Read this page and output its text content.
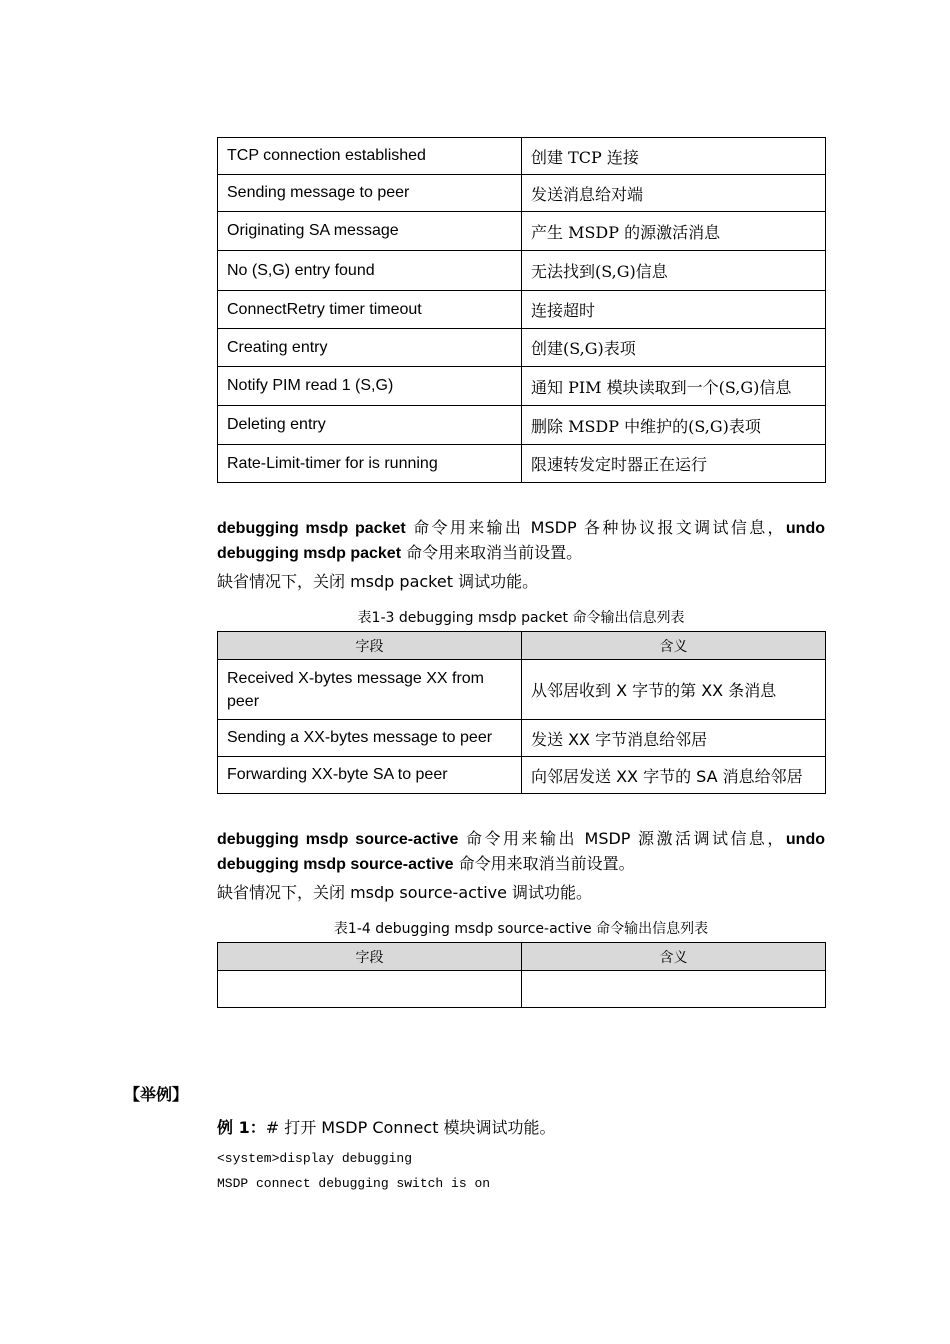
TCP connection established	创建 TCP 连接
Sending message to peer	发送消息给对端
Originating SA message	产生 MSDP 的源激活消息
No (S,G) entry found	无法找到(S,G)信息
ConnectRetry timer timeout	连接超时
Creating entry	创建(S,G)表项
Notify PIM read 1 (S,G)	通知 PIM 模块读取到一个(S,G)信息
Deleting entry	删除 MSDP 中维护的(S,G)表项
Rate-Limit-timer for is running	限速转发定时器正在运行
debugging msdp packet 命令用来输出 MSDP 各种协议报文调试信息，undo debugging msdp packet 命令用来取消当前设置。
缺省情况下，关闭 msdp packet 调试功能。
表1-3 debugging msdp packet 命令输出信息列表
字段	含义
Received X-bytes message XX from peer	从邻居收到 X 字节的第 XX 条消息
Sending a XX-bytes message to peer	发送 XX 字节消息给邻居
Forwarding XX-byte SA to peer	向邻居发送 XX 字节的 SA 消息给邻居
debugging msdp source-active 命令用来输出 MSDP 源激活调试信息，undo debugging msdp source-active 命令用来取消当前设置。
缺省情况下，关闭 msdp source-active 调试功能。
表1-4 debugging msdp source-active 命令输出信息列表
字段	含义

【举例】
例 1：# 打开 MSDP Connect 模块调试功能。
<system>display debugging
MSDP connect debugging switch is on
